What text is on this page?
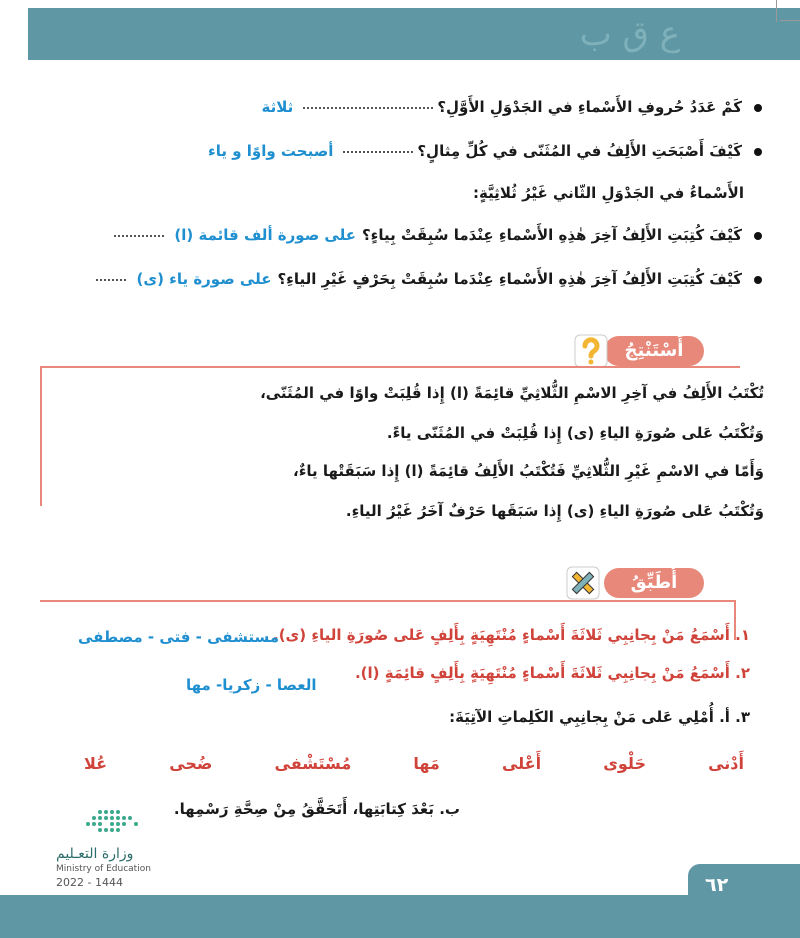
ﻉ ﻕ ﺏ
كَمْ عَدَدُ حُروفِ الأَسْماءِ في الجَدْوَلِ الأَوَّلِ؟ثلاثة
كَيْفَ أَصْبَحَتِ الأَلِفُ في المُثَنّى في كُلِّ مِثالٍ؟أصبحت واوًا و ياء
الأَسْماءُ في الجَدْوَلِ الثّاني غَيْرُ ثُلاثِيَّةٍ:
كَيْفَ كُتِبَتِ الأَلِفُ آخِرَ هٰذِهِ الأَسْماءِ عِنْدَما سُبِقَتْ بِياءٍ؟على صورة ألف قائمة (ا)
كَيْفَ كُتِبَتِ الأَلِفُ آخِرَ هٰذِهِ الأَسْماءِ عِنْدَما سُبِقَتْ بِحَرْفٍ غَيْرِ الياءِ؟على صورة ياء (ى)
أَسْتَنْتِجُ
تُكْتَبُ الأَلِفُ في آخِرِ الاسْمِ الثُّلاثِيِّ قائِمَةً (ا) إِذا قُلِبَتْ واوًا في المُثَنّى،
وَتُكْتَبُ عَلى صُورَةِ الياءِ (ى) إِذا قُلِبَتْ في المُثَنّى ياءً.
وَأَمّا في الاسْمِ غَيْرِ الثُّلاثِيِّ فَتُكْتَبُ الأَلِفُ قائِمَةً (ا) إِذا سَبَقَتْها ياءٌ،
وَتُكْتَبُ عَلى صُورَةِ الياءِ (ى) إِذا سَبَقَها حَرْفٌ آخَرُ غَيْرُ الياءِ.
أُطَبِّقُ
١. أَسْمَعُ مَنْ بِجانِبِي ثَلاثَةَ أَسْماءٍ مُنْتَهِيَةٍ بِأَلِفٍ عَلى صُورَةِ الياءِ (ى).
مستشفى - فتى - مصطفى
٢. أَسْمَعُ مَنْ بِجانِبِي ثَلاثَةَ أَسْماءٍ مُنْتَهِيَةٍ بِأَلِفٍ قائِمَةٍ (ا).
العصا - زكريا- مها
٣. أ. أُمْلِي عَلى مَنْ بِجانِبِي الكَلِماتِ الآتِيَةَ:
عُلا	ضُحى	مُسْتَشْفى	مَها	أَعْلى	حَلْوى	أَدْنى
ب. بَعْدَ كِتابَتِها، أَتَحَقَّقُ مِنْ صِحَّةِ رَسْمِها.
وزارة التعـليم
Ministry of Education
2022 - 1444	٦٢
